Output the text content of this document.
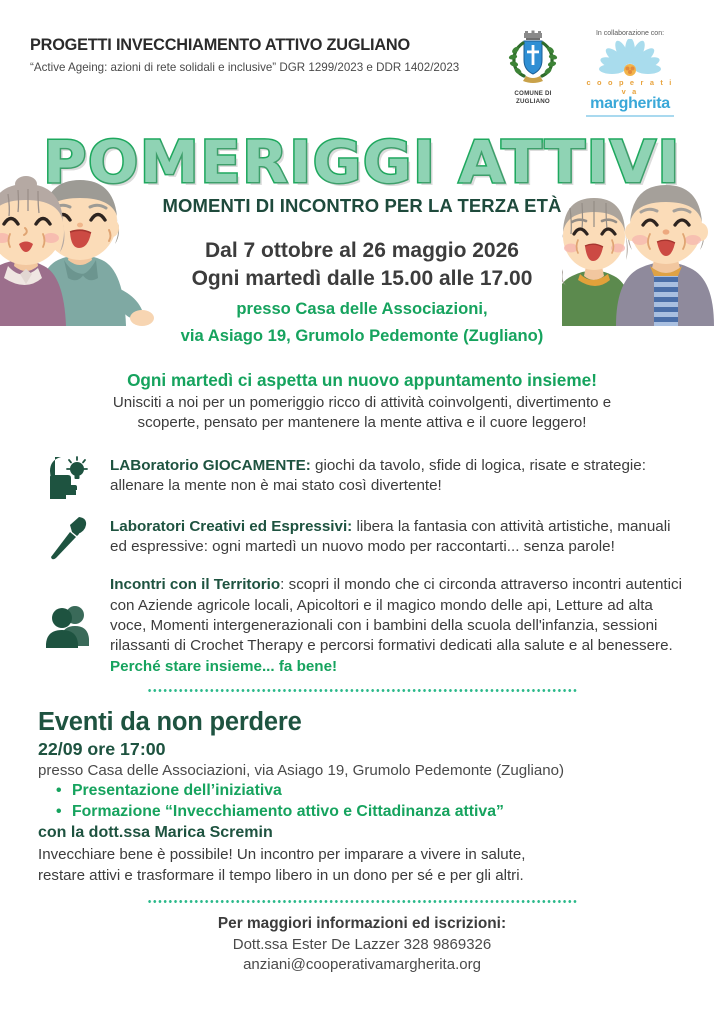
PROGETTI INVECCHIAMENTO ATTIVO ZUGLIANO
“Active Ageing: azioni di rete solidali e inclusive” DGR 1299/2023 e DDR 1402/2023
COMUNE DI
ZUGLIANO
In collaborazione con:
c o o p e r a t i v a
margherita
POMERIGGI ATTIVI
MOMENTI DI INCONTRO PER LA TERZA ETÀ
Dal 7 ottobre al 26 maggio 2026
Ogni martedì dalle 15.00 alle 17.00
presso Casa delle Associazioni,
via Asiago 19, Grumolo Pedemonte (Zugliano)
Ogni martedì ci aspetta un nuovo appuntamento insieme!
Unisciti a noi per un pomeriggio ricco di attività coinvolgenti, divertimento e
scoperte, pensato per mantenere la mente attiva e il cuore leggero!
LABoratorio GIOCAMENTE: giochi da tavolo, sfide di logica, risate e strategie: allenare la mente non è mai stato così divertente!
Laboratori Creativi ed Espressivi: libera la fantasia con attività artistiche, manuali ed espressive: ogni martedì un nuovo modo per raccontarti... senza parole!
Incontri con il Territorio: scopri il mondo che ci circonda attraverso incontri autentici con Aziende agricole locali, Apicoltori e il magico mondo delle api, Letture ad alta voce, Momenti intergenerazionali con i bambini della scuola dell'infanzia, sessioni rilassanti di Crochet Therapy e percorsi formativi dedicati alla salute e al benessere.
Perché stare insieme... fa bene!
Eventi da non perdere
22/09 ore 17:00
presso Casa delle Associazioni, via Asiago 19, Grumolo Pedemonte (Zugliano)
• Presentazione dell’iniziativa
• Formazione “Invecchiamento attivo e Cittadinanza attiva”
con la dott.ssa Marica Scremin
Invecchiare bene è possibile! Un incontro per imparare a vivere in salute,
restare attivi e trasformare il tempo libero in un dono per sé e per gli altri.
Per maggiori informazioni ed iscrizioni:
Dott.ssa Ester De Lazzer 328 9869326
anziani@cooperativamargherita.org
